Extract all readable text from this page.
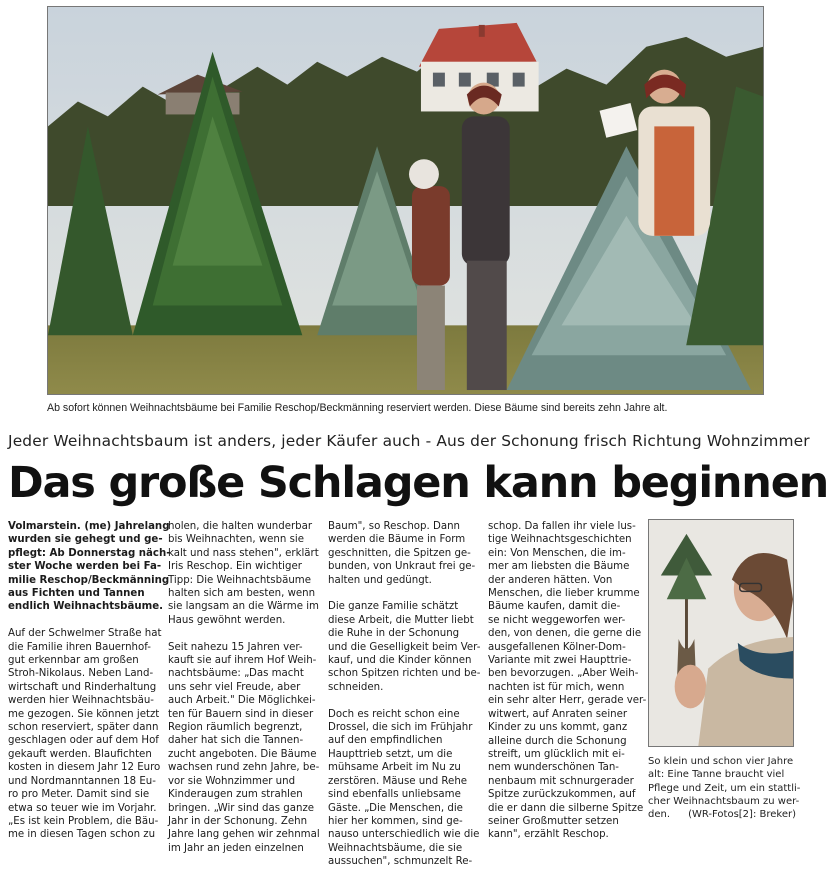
Ab sofort können Weihnachtsbäume bei Familie Reschop/Beckmänning reserviert werden. Diese Bäume sind bereits zehn Jahre alt.
Jeder Weihnachtsbaum ist anders, jeder Käufer auch - Aus der Schonung frisch Richtung Wohnzimmer
Das große Schlagen kann beginnen
Volmarstein. (me) Jahrelang
wurden sie gehegt und ge-
pflegt: Ab Donnerstag näch-
ster Woche werden bei Fa-
milie Reschop/Beckmänning
aus Fichten und Tannen
endlich Weihnachtsbäume.

Auf der Schwelmer Straße hat
die Familie ihren Bauernhof-
gut erkennbar am großen
Stroh-Nikolaus. Neben Land-
wirtschaft und Rinderhaltung
werden hier Weihnachtsbäu-
me gezogen. Sie können jetzt
schon reserviert, später dann
geschlagen oder auf dem Hof
gekauft werden. Blaufichten
kosten in diesem Jahr 12 Euro
und Nordmanntannen 18 Eu-
ro pro Meter. Damit sind sie
etwa so teuer wie im Vorjahr.
„Es ist kein Problem, die Bäu-
me in diesen Tagen schon zu

holen, die halten wunderbar
bis Weihnachten, wenn sie
kalt und nass stehen", erklärt
Iris Reschop. Ein wichtiger
Tipp: Die Weihnachtsbäume
halten sich am besten, wenn
sie langsam an die Wärme im
Haus gewöhnt werden.

Seit nahezu 15 Jahren ver-
kauft sie auf ihrem Hof Weih-
nachtsbäume: „Das macht
uns sehr viel Freude, aber
auch Arbeit." Die Möglichkei-
ten für Bauern sind in dieser
Region räumlich begrenzt,
daher hat sich die Tannen-
zucht angeboten. Die Bäume
wachsen rund zehn Jahre, be-
vor sie Wohnzimmer und
Kinderaugen zum strahlen
bringen. „Wir sind das ganze
Jahr in der Schonung. Zehn
Jahre lang gehen wir zehnmal
im Jahr an jeden einzelnen

Baum", so Reschop. Dann
werden die Bäume in Form
geschnitten, die Spitzen ge-
bunden, von Unkraut frei ge-
halten und gedüngt.

Die ganze Familie schätzt
diese Arbeit, die Mutter liebt
die Ruhe in der Schonung
und die Geselligkeit beim Ver-
kauf, und die Kinder können
schon Spitzen richten und be-
schneiden.

Doch es reicht schon eine
Drossel, die sich im Frühjahr
auf den empfindlichen
Haupttrieb setzt, um die
mühsame Arbeit im Nu zu
zerstören. Mäuse und Rehe
sind ebenfalls unliebsame
Gäste. „Die Menschen, die
hier her kommen, sind ge-
nauso unterschiedlich wie die
Weihnachtsbäume, die sie
aussuchen", schmunzelt Re-

schop. Da fallen ihr viele lus-
tige Weihnachtsgeschichten
ein: Von Menschen, die im-
mer am liebsten die Bäume
der anderen hätten. Von
Menschen, die lieber krumme
Bäume kaufen, damit die-
se nicht weggeworfen wer-
den, von denen, die gerne die
ausgefallenen Kölner-Dom-
Variante mit zwei Haupttrie-
ben bevorzugen. „Aber Weih-
nachten ist für mich, wenn
ein sehr alter Herr, gerade ver-
witwert, auf Anraten seiner
Kinder zu uns kommt, ganz
alleine durch die Schonung
streift, um glücklich mit ei-
nem wunderschönen Tan-
nenbaum mit schnurgerader
Spitze zurückzukommen, auf
die er dann die silberne Spitze
seiner Großmutter setzen
kann", erzählt Reschop.

So klein und schon vier Jahre
alt: Eine Tanne braucht viel
Pflege und Zeit, um ein stattli-
cher Weihnachtsbaum zu wer-
den. (WR-Fotos[2]: Breker)
